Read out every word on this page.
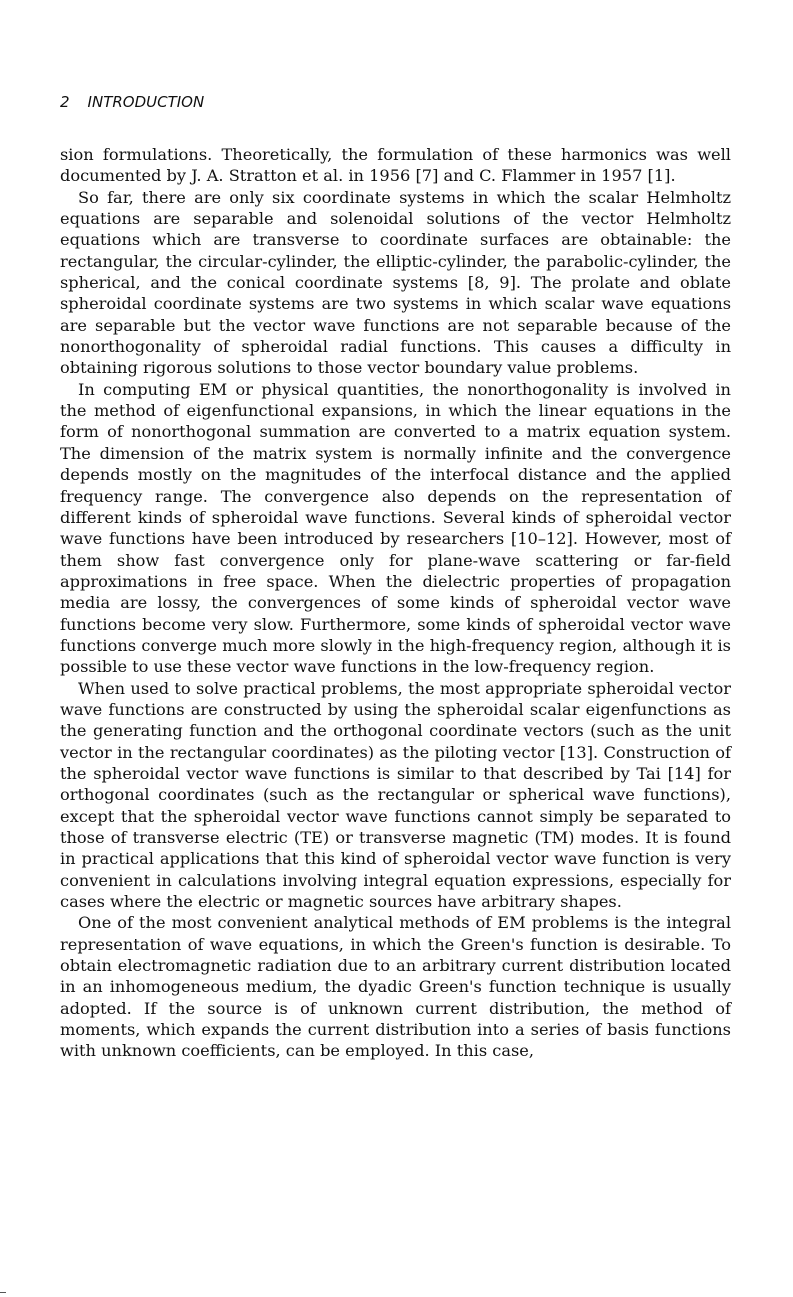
2 INTRODUCTION

sion formulations. Theoretically, the formulation of these harmonics was well documented by J. A. Stratton et al. in 1956 [7] and C. Flammer in 1957 [1].

So far, there are only six coordinate systems in which the scalar Helmholtz equations are separable and solenoidal solutions of the vector Helmholtz equations which are transverse to coordinate surfaces are obtainable: the rectangular, the circular-cylinder, the elliptic-cylinder, the parabolic-cylinder, the spherical, and the conical coordinate systems [8, 9]. The prolate and oblate spheroidal coordinate systems are two systems in which scalar wave equations are separable but the vector wave functions are not separable because of the nonorthogonality of spheroidal radial functions. This causes a difficulty in obtaining rigorous solutions to those vector boundary value problems.

In computing EM or physical quantities, the nonorthogonality is involved in the method of eigenfunctional expansions, in which the linear equations in the form of nonorthogonal summation are converted to a matrix equation system. The dimension of the matrix system is normally infinite and the convergence depends mostly on the magnitudes of the interfocal distance and the applied frequency range. The convergence also depends on the representation of different kinds of spheroidal wave functions. Several kinds of spheroidal vector wave functions have been introduced by researchers [10–12]. However, most of them show fast convergence only for plane-wave scattering or far-field approximations in free space. When the dielectric properties of propagation media are lossy, the convergences of some kinds of spheroidal vector wave functions become very slow. Furthermore, some kinds of spheroidal vector wave functions converge much more slowly in the high-frequency region, although it is possible to use these vector wave functions in the low-frequency region.

When used to solve practical problems, the most appropriate spheroidal vector wave functions are constructed by using the spheroidal scalar eigenfunctions as the generating function and the orthogonal coordinate vectors (such as the unit vector in the rectangular coordinates) as the piloting vector [13]. Construction of the spheroidal vector wave functions is similar to that described by Tai [14] for orthogonal coordinates (such as the rectangular or spherical wave functions), except that the spheroidal vector wave functions cannot simply be separated to those of transverse electric (TE) or transverse magnetic (TM) modes. It is found in practical applications that this kind of spheroidal vector wave function is very convenient in calculations involving integral equation expressions, especially for cases where the electric or magnetic sources have arbitrary shapes.

One of the most convenient analytical methods of EM problems is the integral representation of wave equations, in which the Green's function is desirable. To obtain electromagnetic radiation due to an arbitrary current distribution located in an inhomogeneous medium, the dyadic Green's function technique is usually adopted. If the source is of unknown current distribution, the method of moments, which expands the current distribution into a series of basis functions with unknown coefficients, can be employed. In this case,
